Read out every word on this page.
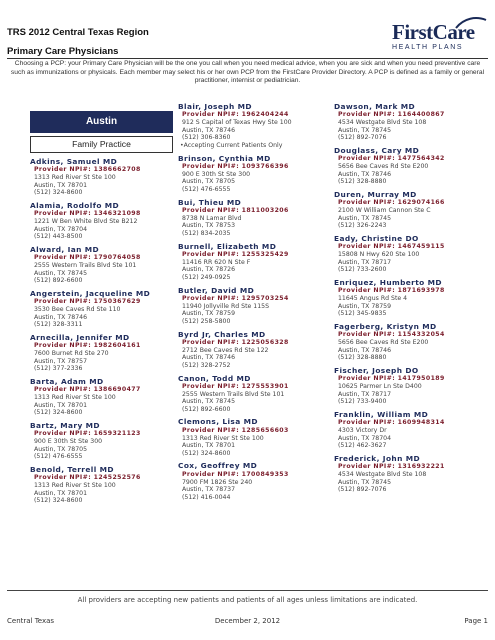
TRS 2012 Central Texas Region
Primary Care Physicians
FirstCare
HEALTH PLANS
Choosing a PCP: your Primary Care Physician will be the one you call when you need medical advice, when you are sick and when you need preventive care such as immunizations or physicals. Each member may select his or her own PCP from the FirstCare Provider Directory. A PCP is defined as a family or general practitioner, internist or pediatrician.
Austin
Family Practice
Adkins, Samuel MD
Provider NPI#: 1386662708
1313 Red River St Ste 100
Austin, TX 78701
(512) 324-8600
Alamia, Rodolfo MD
Provider NPI#: 1346321098
1221 W Ben White Blvd Ste B212
Austin, TX 78704
(512) 443-8500
Alward, Ian MD
Provider NPI#: 1790764058
2555 Western Trails Blvd Ste 101
Austin, TX 78745
(512) 892-6600
Angerstein, Jacqueline MD
Provider NPI#: 1750367629
3530 Bee Caves Rd Ste 110
Austin, TX 78746
(512) 328-3311
Arnecilla, Jennifer MD
Provider NPI#: 1982604161
7600 Burnet Rd Ste 270
Austin, TX 78757
(512) 377-2336
Barta, Adam MD
Provider NPI#: 1386690477
1313 Red River St Ste 100
Austin, TX 78701
(512) 324-8600
Bartz, Mary MD
Provider NPI#: 1659321123
900 E 30th St Ste 300
Austin, TX 78705
(512) 476-6555
Benold, Terrell MD
Provider NPI#: 1245252576
1313 Red River St Ste 100
Austin, TX 78701
(512) 324-8600
Blair, Joseph MD
Provider NPI#: 1962404244
912 S Capital of Texas Hwy Ste 100
Austin, TX 78746
(512) 306-8360
•Accepting Current Patients Only
Brinson, Cynthia MD
Provider NPI#: 1093766396
900 E 30th St Ste 300
Austin, TX 78705
(512) 476-6555
Bui, Thieu MD
Provider NPI#: 1811003206
8738 N Lamar Blvd
Austin, TX 78753
(512) 834-2035
Burnell, Elizabeth MD
Provider NPI#: 1255325429
11416 RR 620 N Ste F
Austin, TX 78726
(512) 249-0925
Butler, David MD
Provider NPI#: 1295703254
11940 Jollyville Rd Ste 115S
Austin, TX 78759
(512) 258-5800
Byrd Jr, Charles MD
Provider NPI#: 1225056328
2712 Bee Caves Rd Ste 122
Austin, TX 78746
(512) 328-2752
Canon, Todd MD
Provider NPI#: 1275553901
2555 Western Trails Blvd Ste 101
Austin, TX 78745
(512) 892-6600
Clemons, Lisa MD
Provider NPI#: 1285656603
1313 Red River St Ste 100
Austin, TX 78701
(512) 324-8600
Cox, Geoffrey MD
Provider NPI#: 1700849353
7900 FM 1826 Ste 240
Austin, TX 78737
(512) 416-0044
Dawson, Mark MD
Provider NPI#: 1164400867
4534 Westgate Blvd Ste 108
Austin, TX 78745
(512) 892-7076
Douglass, Cary MD
Provider NPI#: 1477564342
5656 Bee Caves Rd Ste E200
Austin, TX 78746
(512) 328-8880
Duren, Murray MD
Provider NPI#: 1629074166
2100 W William Cannon Ste C
Austin, TX 78745
(512) 326-2243
Eady, Christine DO
Provider NPI#: 1467459115
15808 N Hwy 620 Ste 100
Austin, TX 78717
(512) 733-2600
Enriquez, Humberto MD
Provider NPI#: 1871693978
11645 Angus Rd Ste 4
Austin, TX 78759
(512) 345-9835
Fagerberg, Kristyn MD
Provider NPI#: 1154332054
5656 Bee Caves Rd Ste E200
Austin, TX 78746
(512) 328-8880
Fischer, Joseph DO
Provider NPI#: 1417950189
10625 Parmer Ln Ste D400
Austin, TX 78717
(512) 733-9400
Franklin, William MD
Provider NPI#: 1609948314
4303 Victory Dr
Austin, TX 78704
(512) 462-3627
Frederick, John MD
Provider NPI#: 1316932221
4534 Westgate Blvd Ste 108
Austin, TX 78745
(512) 892-7076
All providers are accepting new patients and patients of all ages unless limitations are indicated.
Central Texas	December 2, 2012	Page 1
